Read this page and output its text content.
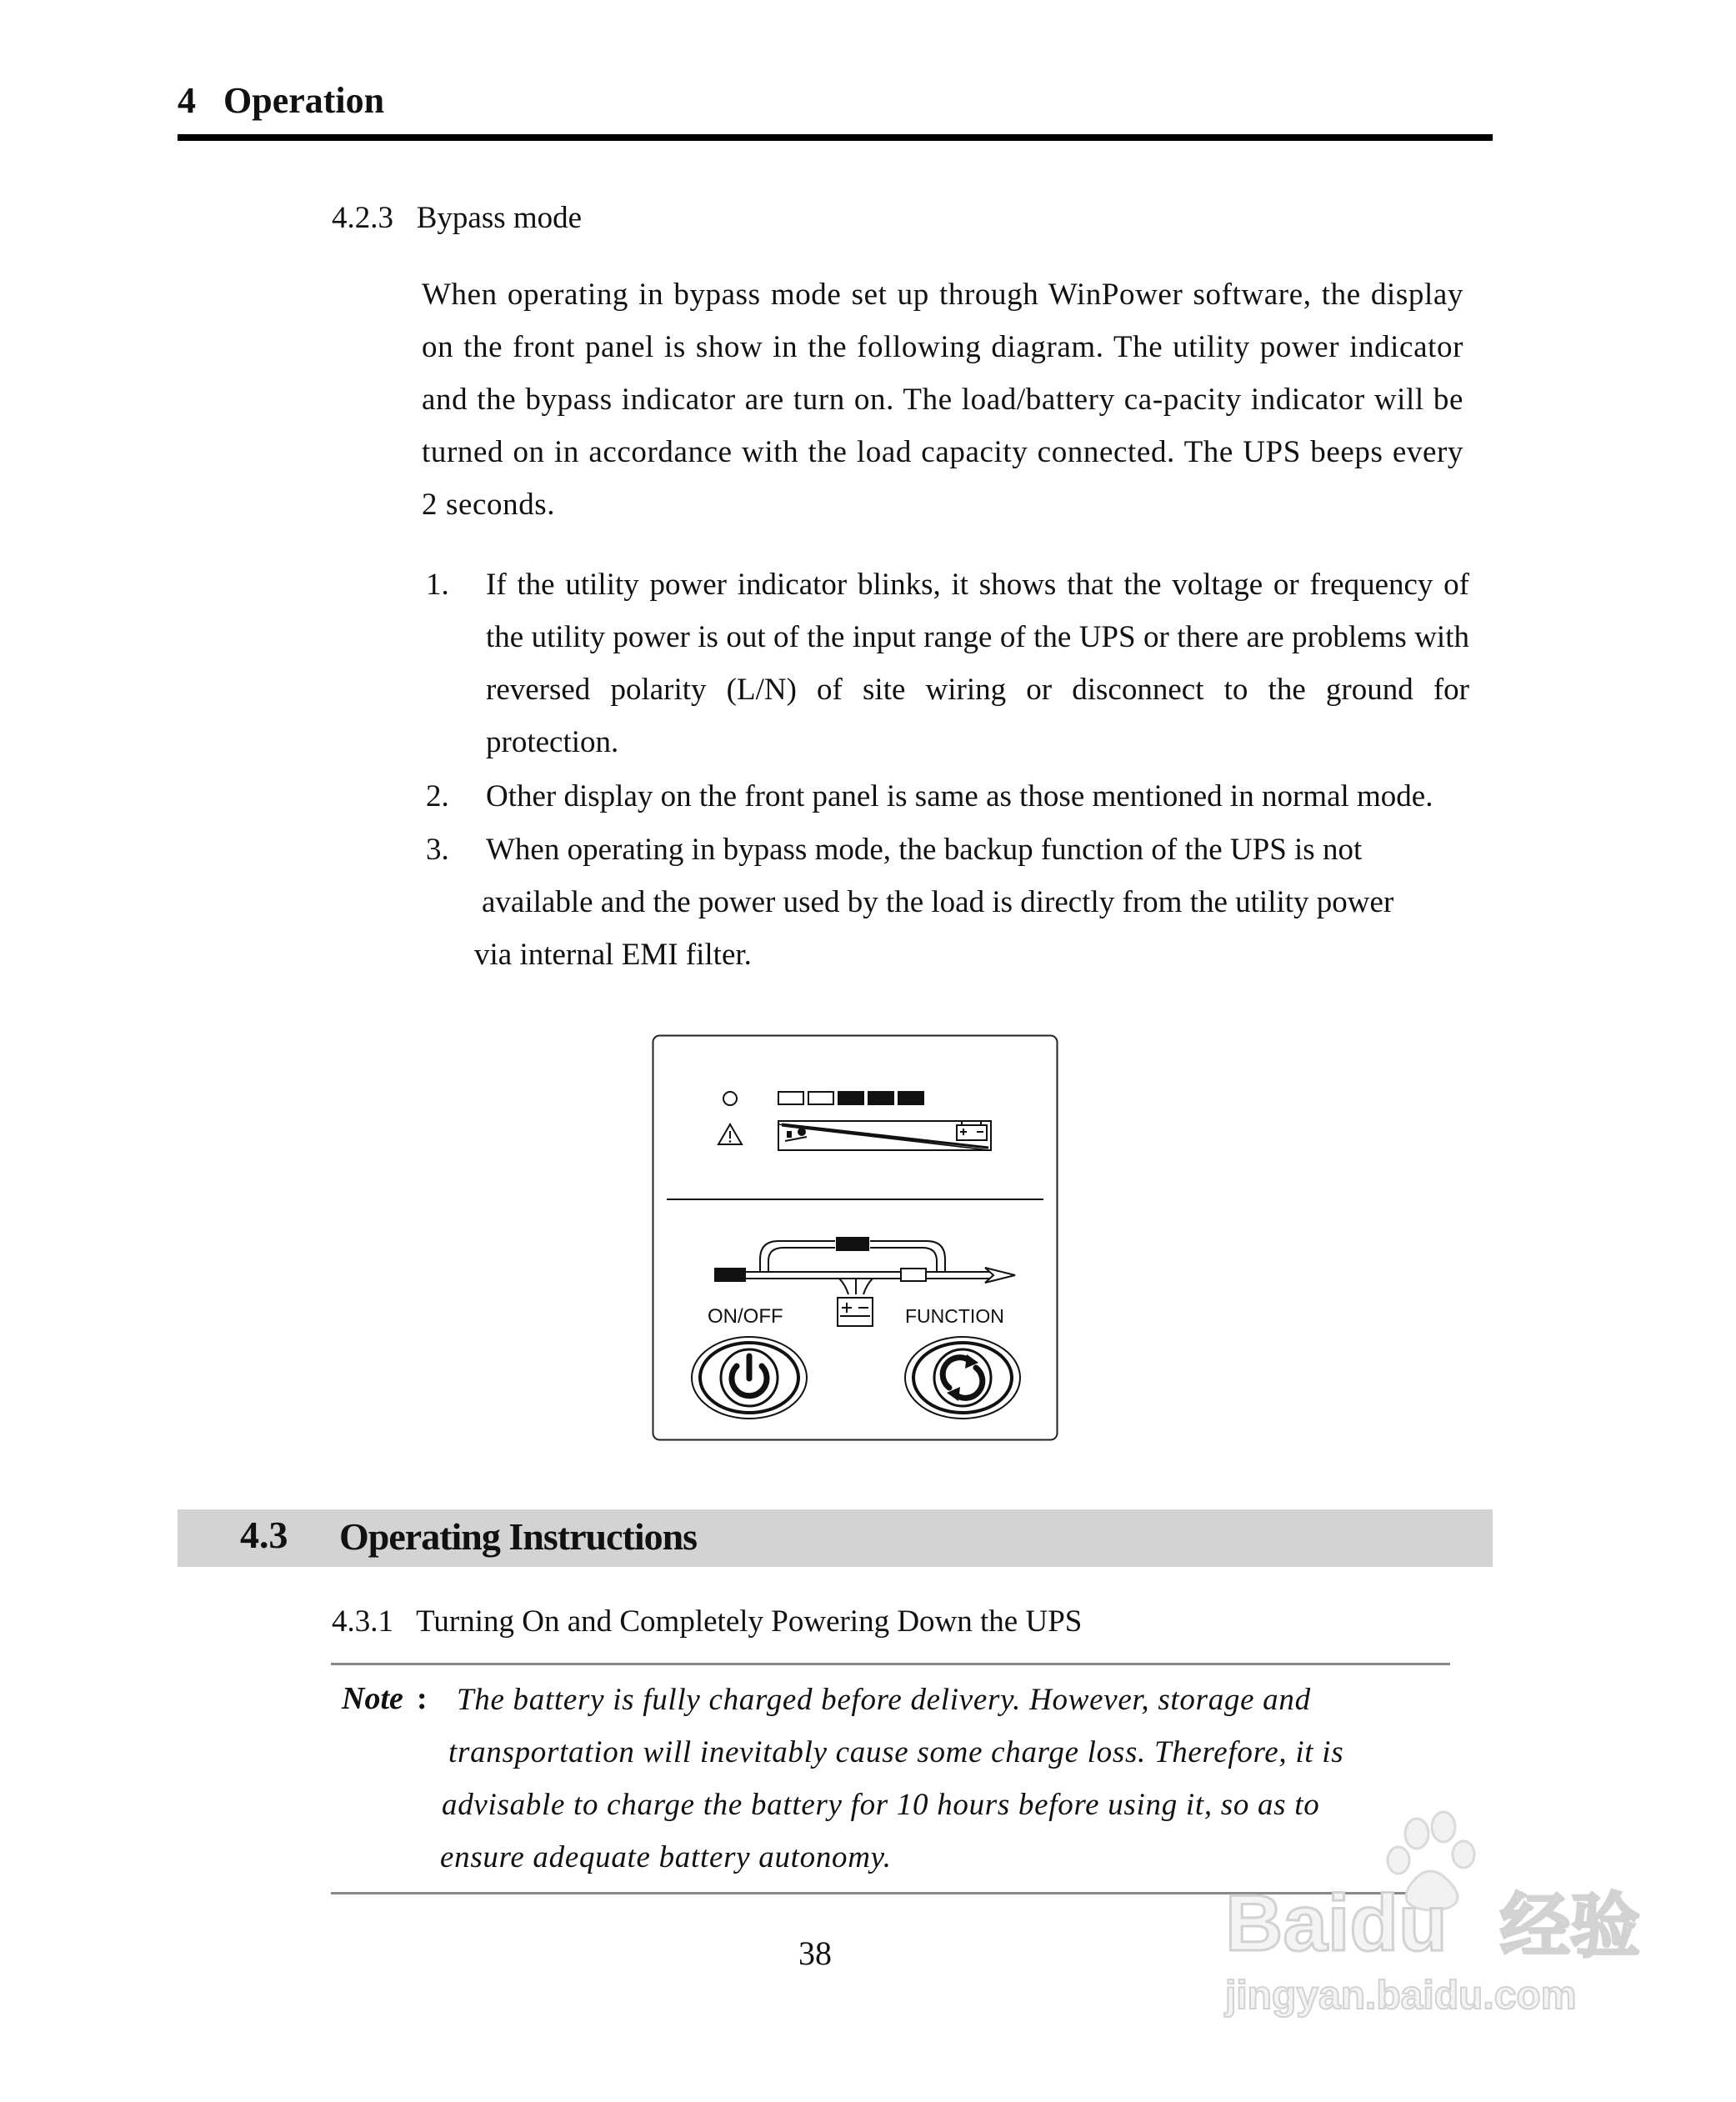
4   Operation
4.2.3   Bypass mode
When operating in bypass mode set up through WinPower software, the display on the front panel is show in the following diagram. The utility power indicator and the bypass indicator are turn on. The load/battery ca-pacity indicator will be turned on in accordance with the load capacity connected. The UPS beeps every 2 seconds.
1. If the utility power indicator blinks, it shows that the voltage or frequency of the utility power is out of the input range of the UPS or there are problems with reversed polarity (L/N) of site wiring or disconnect to the ground for protection.
2. Other display on the front panel is same as those mentioned in normal mode.
3. When operating in bypass mode, the backup function of the UPS is not
available and the power used by the load is directly from the utility power
via internal EMI filter.
ON/OFF	FUNCTION
4.3 Operating Instructions
4.3.1   Turning On and Completely Powering Down the UPS
Note : The battery is fully charged before delivery. However, storage and
transportation will inevitably cause some charge loss. Therefore, it is
advisable to charge the battery for 10 hours before using it, so as to
ensure adequate battery autonomy.
38	Baidu 经验
jingyan.baidu.com
